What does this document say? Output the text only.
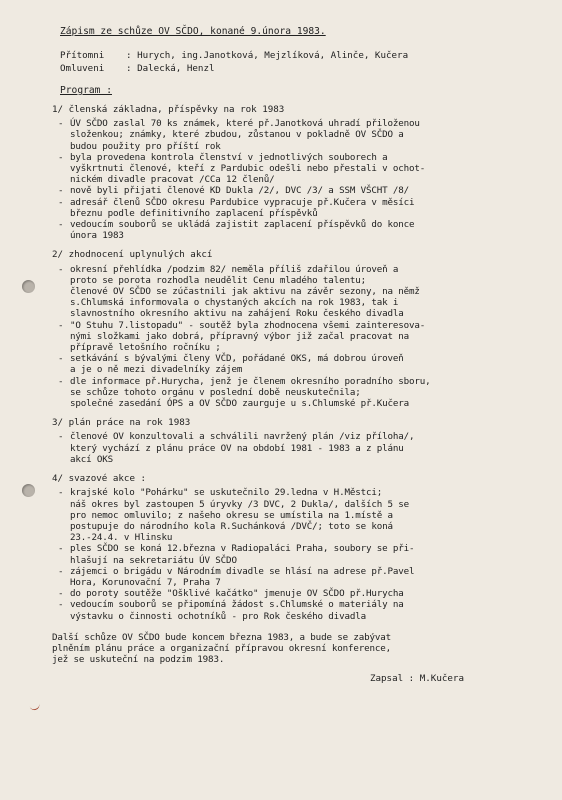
Zápism ze schůze OV SČDO, konané 9.února 1983.
Přítomni	: Hurych, ing.Janotková, Mejzlíková, Alinče, Kučera
Omluveni	: Dalecká, Henzl
Program :
1/ členská základna, příspěvky na rok 1983
- ÚV SČDO zaslal 70 ks známek, které př.Janotková uhradí přiloženou
složenkou; známky, které zbudou, zůstanou v pokladně OV SČDO a
budou použity pro příští rok
- byla provedena kontrola členství v jednotlivých souborech a
vyškrtnuti členové, kteří z Pardubic odešli nebo přestali v ochot-
nickém divadle pracovat /CCa 12 členů/
- nově byli přijati členové KD Dukla /2/, DVC /3/ a SSM VŠCHT /8/
- adresář členů SČDO okresu Pardubice vypracuje př.Kučera v měsíci
březnu podle definitivního zaplacení příspěvků
- vedoucím souborů se ukládá zajistit zaplacení příspěvků do konce
února 1983
2/ zhodnocení uplynulých akcí
- okresní přehlídka /podzim 82/ neměla příliš zdařilou úroveň a
proto se porota rozhodla neudělit Cenu mladého talentu;
členové OV SČDO se zúčastnili jak aktivu na závěr sezony, na němž
s.Chlumská informovala o chystaných akcích na rok 1983, tak i
slavnostního okresního aktivu na zahájení Roku českého divadla
- "O Stuhu 7.listopadu" - soutěž byla zhodnocena všemi zainteresova-
nými složkami jako dobrá, přípravný výbor již začal pracovat na
přípravě letošního ročníku ;
- setkávání s bývalými členy VČD, pořádané OKS, má dobrou úroveň
a je o ně mezi divadelníky zájem
- dle informace př.Hurycha, jenž je členem okresního poradního sboru,
se schůze tohoto orgánu v poslední době neuskutečnila;
společné zasedání ÓPS a OV SČDO zaurguje u s.Chlumské př.Kučera
3/ plán práce na rok 1983
- členové OV konzultovali a schválili navržený plán /viz příloha/,
který vychází z plánu práce OV na období 1981 - 1983 a z plánu
akcí OKS
4/ svazové akce :
- krajské kolo "Pohárku" se uskutečnilo 29.ledna v H.Městci;
náš okres byl zastoupen 5 úryvky /3 DVC, 2 Dukla/, dalších 5 se
pro nemoc omluvilo; z našeho okresu se umístila na 1.místě a
postupuje do národního kola R.Suchánková /DVČ/; toto se koná
23.-24.4. v Hlinsku
- ples SČDO se koná 12.března v Radiopaláci Praha, soubory se při-
hlašují na sekretariátu ÚV SČDO
- zájemci o brigádu v Národním divadle se hlásí na adrese př.Pavel
Hora, Korunovační 7, Praha 7
- do poroty soutěže "Ošklivé kačátko" jmenuje OV SČDO př.Hurycha
- vedoucím souborů se připomíná žádost s.Chlumské o materiály na
výstavku o činnosti ochotníků - pro Rok českého divadla
Další schůze OV SČDO bude koncem března 1983, a bude se zabývat
plněním plánu práce a organizační přípravou okresní konference,
jež se uskuteční na podzim 1983.
Zapsal : M.Kučera
